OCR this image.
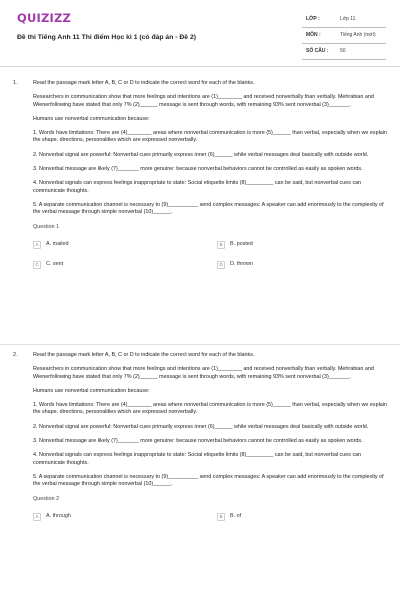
QUIZIZZ
Đề thi Tiếng Anh 11 Thi điểm Học kì 1 (có đáp án - Đề 2)
LỚP :	Lớp 11
MÔN :	Tiếng Anh (mới)
SỐ CÂU : 50
1.	Read the passage mark letter A, B, C or D to indicate the correct word for each of the blanks.

Researchers in communication show that more feelings and intentions are (1)________ and received nonverbally than verbally. Mehrabian and Wienerfollowing have stated that only 7% (2)______ message is sent through words, with remaining 93% sent nonverbal (3)_______.

Humans use nonverbal communication because:

1. Words have limitations: There are (4)________ areas where nonverbal communication is more (5)______ than verbal, especially when we explain the shape, directions, personalities which are expressed nonverbally.

2. Nonverbal signal are powerful: Nonverbal cues primarily express inner (6)______ while verbal messages deal basically with outside world.

3. Nonverbal message are likely (7)_______ more genuine: because nonverbal behaviors cannot be controlled as easily as spoken words.

4. Nonverbal signals can express feelings inappropriate to state: Social etiquette limits (8)_________ can be said, but nonverbal cues can communicate thoughts.

5. A separate communication channel is necessary to (9)__________ send complex messages: A speaker can add enormously to the complexity of the verbal message through simple nonverbal (10)______.

Question 1
A	A. mailed	B	B. posted
C	C. sent	D	D. thrown
2.	Read the passage mark letter A, B, C or D to indicate the correct word for each of the blanks.

Researchers in communication show that more feelings and intentions are (1)________ and received nonverbally than verbally. Mehrabian and Wienerfollowing have stated that only 7% (2)______ message is sent through words, with remaining 93% sent nonverbal (3)_______.

Humans use nonverbal communication because:

1. Words have limitations: There are (4)________ areas where nonverbal communication is more (5)______ than verbal, especially when we explain the shape, directions, personalities which are expressed nonverbally.

2. Nonverbal signal are powerful: Nonverbal cues primarily express inner (6)______ while verbal messages deal basically with outside world.

3. Nonverbal message are likely (7)_______ more genuine: because nonverbal behaviors cannot be controlled as easily as spoken words.

4. Nonverbal signals can express feelings inappropriate to state: Social etiquette limits (8)_________ can be said, but nonverbal cues can communicate thoughts.

5. A separate communication channel is necessary to (9)__________ send complex messages: A speaker can add enormously to the complexity of the verbal message through simple nonverbal (10)______.

Question 2
A	A. through	B	B. of
